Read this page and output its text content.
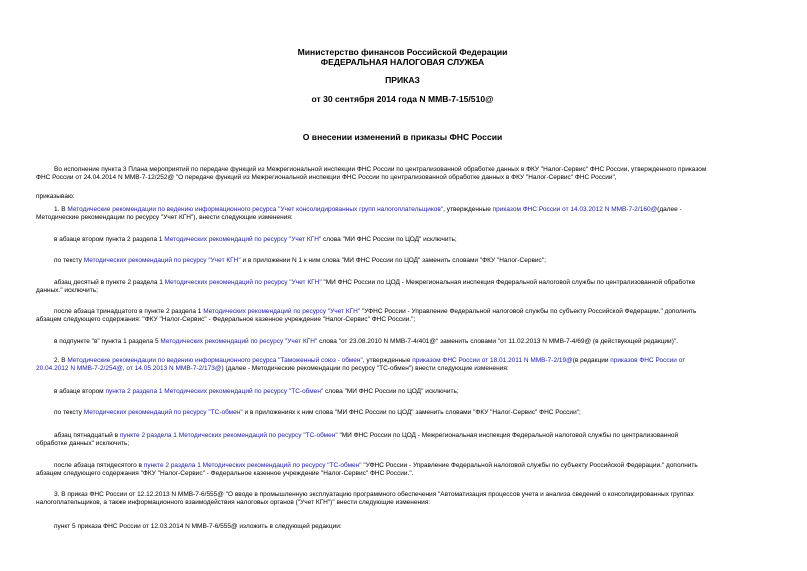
Министерство финансов Российской Федерации
ФЕДЕРАЛЬНАЯ НАЛОГОВАЯ СЛУЖБА
ПРИКАЗ
от 30 сентября 2014 года N ММВ-7-15/510@
О внесении изменений в приказы ФНС России
Во исполнение пункта 3 Плана мероприятий по передаче функций из Межрегиональной инспекции ФНС России по централизованной обработке данных в ФКУ "Налог-Сервис" ФНС России, утвержденного приказом
ФНС России от 24.04.2014 N ММВ-7-12/252@ "О передаче функций из Межрегиональной инспекции ФНС России по централизованной обработке данных в ФКУ "Налог-Сервис" ФНС России",
приказываю:
1. В Методические рекомендации по ведению информационного ресурса "Учет консолидированных групп налогоплательщиков", утвержденные приказом ФНС России от 14.03.2012 N ММВ-7-2/160@(далее -
Методические рекомендации по ресурсу "Учет КГН"), внести следующие изменения:
в абзаце втором пункта 2 раздела 1 Методических рекомендаций по ресурсу "Учет КГН" слова "МИ ФНС России по ЦОД" исключить;
по тексту Методических рекомендаций по ресурсу "Учет КГН" и в приложении N 1 к ним слова "МИ ФНС России по ЦОД" заменить словами "ФКУ "Налог-Сервис";
абзац десятый в пункте 2 раздела 1 Методических рекомендаций по ресурсу "Учет КГН" "МИ ФНС России по ЦОД - Межрегиональная инспекция Федеральной налоговой службы по централизованной обработке
данных." исключить;
после абзаца тринадцатого в пункте 2 раздела 1 Методических рекомендаций по ресурсу "Учет КГН" "УФНС России - Управление Федеральной налоговой службы по субъекту Российской Федерации." дополнить
абзацем следующего содержания: "ФКУ "Налог-Сервис" - Федеральное казенное учреждение "Налог-Сервис" ФНС России.";
в подпункте "в" пункта 1 раздела 5 Методических рекомендаций по ресурсу "Учет КГН" слова "от 23.08.2010 N ММВ-7-4/401@" заменить словами "от 11.02.2013 N ММВ-7-4/69@ (в действующей редакции)".
2. В Методические рекомендации по ведению информационного ресурса "Таможенный союз - обмен", утвержденные приказом ФНС России от 18.01.2011 N ММВ-7-2/19@(в редакции приказов ФНС России от
20.04.2012 N ММВ-7-2/254@, от 14.05.2013 N ММВ-7-2/173@) (далее - Методические рекомендации по ресурсу "ТС-обмен") внести следующие изменения:
в абзаце втором пункта 2 раздела 1 Методических рекомендаций по ресурсу "ТС-обмен" слова "МИ ФНС России по ЦОД" исключить;
по тексту Методических рекомендаций по ресурсу "ТС-обмен" и в приложениях к ним слова "МИ ФНС России по ЦОД" заменить словами "ФКУ "Налог-Сервис" ФНС России";
абзац пятнадцатый в пункте 2 раздела 1 Методических рекомендаций по ресурсу "ТС-обмен" "МИ ФНС России по ЦОД - Межрегиональная инспекция Федеральной налоговой службы по централизованной
обработке данных" исключить;
после абзаца пятидесятого в пункте 2 раздела 1 Методических рекомендаций по ресурсу "ТС-обмен" "УФНС России - Управление Федеральной налоговой службы по субъекту Российской Федерации." дополнить
абзацем следующего содержания "ФКУ "Налог-Сервис" - Федеральное казенное учреждение "Налог-Сервис" ФНС России.".
3. В приказ ФНС России от 12.12.2013 N ММВ-7-6/555@ "О вводе в промышленную эксплуатацию программного обеспечения "Автоматизация процессов учета и анализа сведений о консолидированных группах
налогоплательщиков, а также информационного взаимодействия налоговых органов ("Учет КГН")" внести следующие изменения:
пункт 5 приказа ФНС России от 12.03.2014 N ММВ-7-6/555@ изложить в следующей редакции:
